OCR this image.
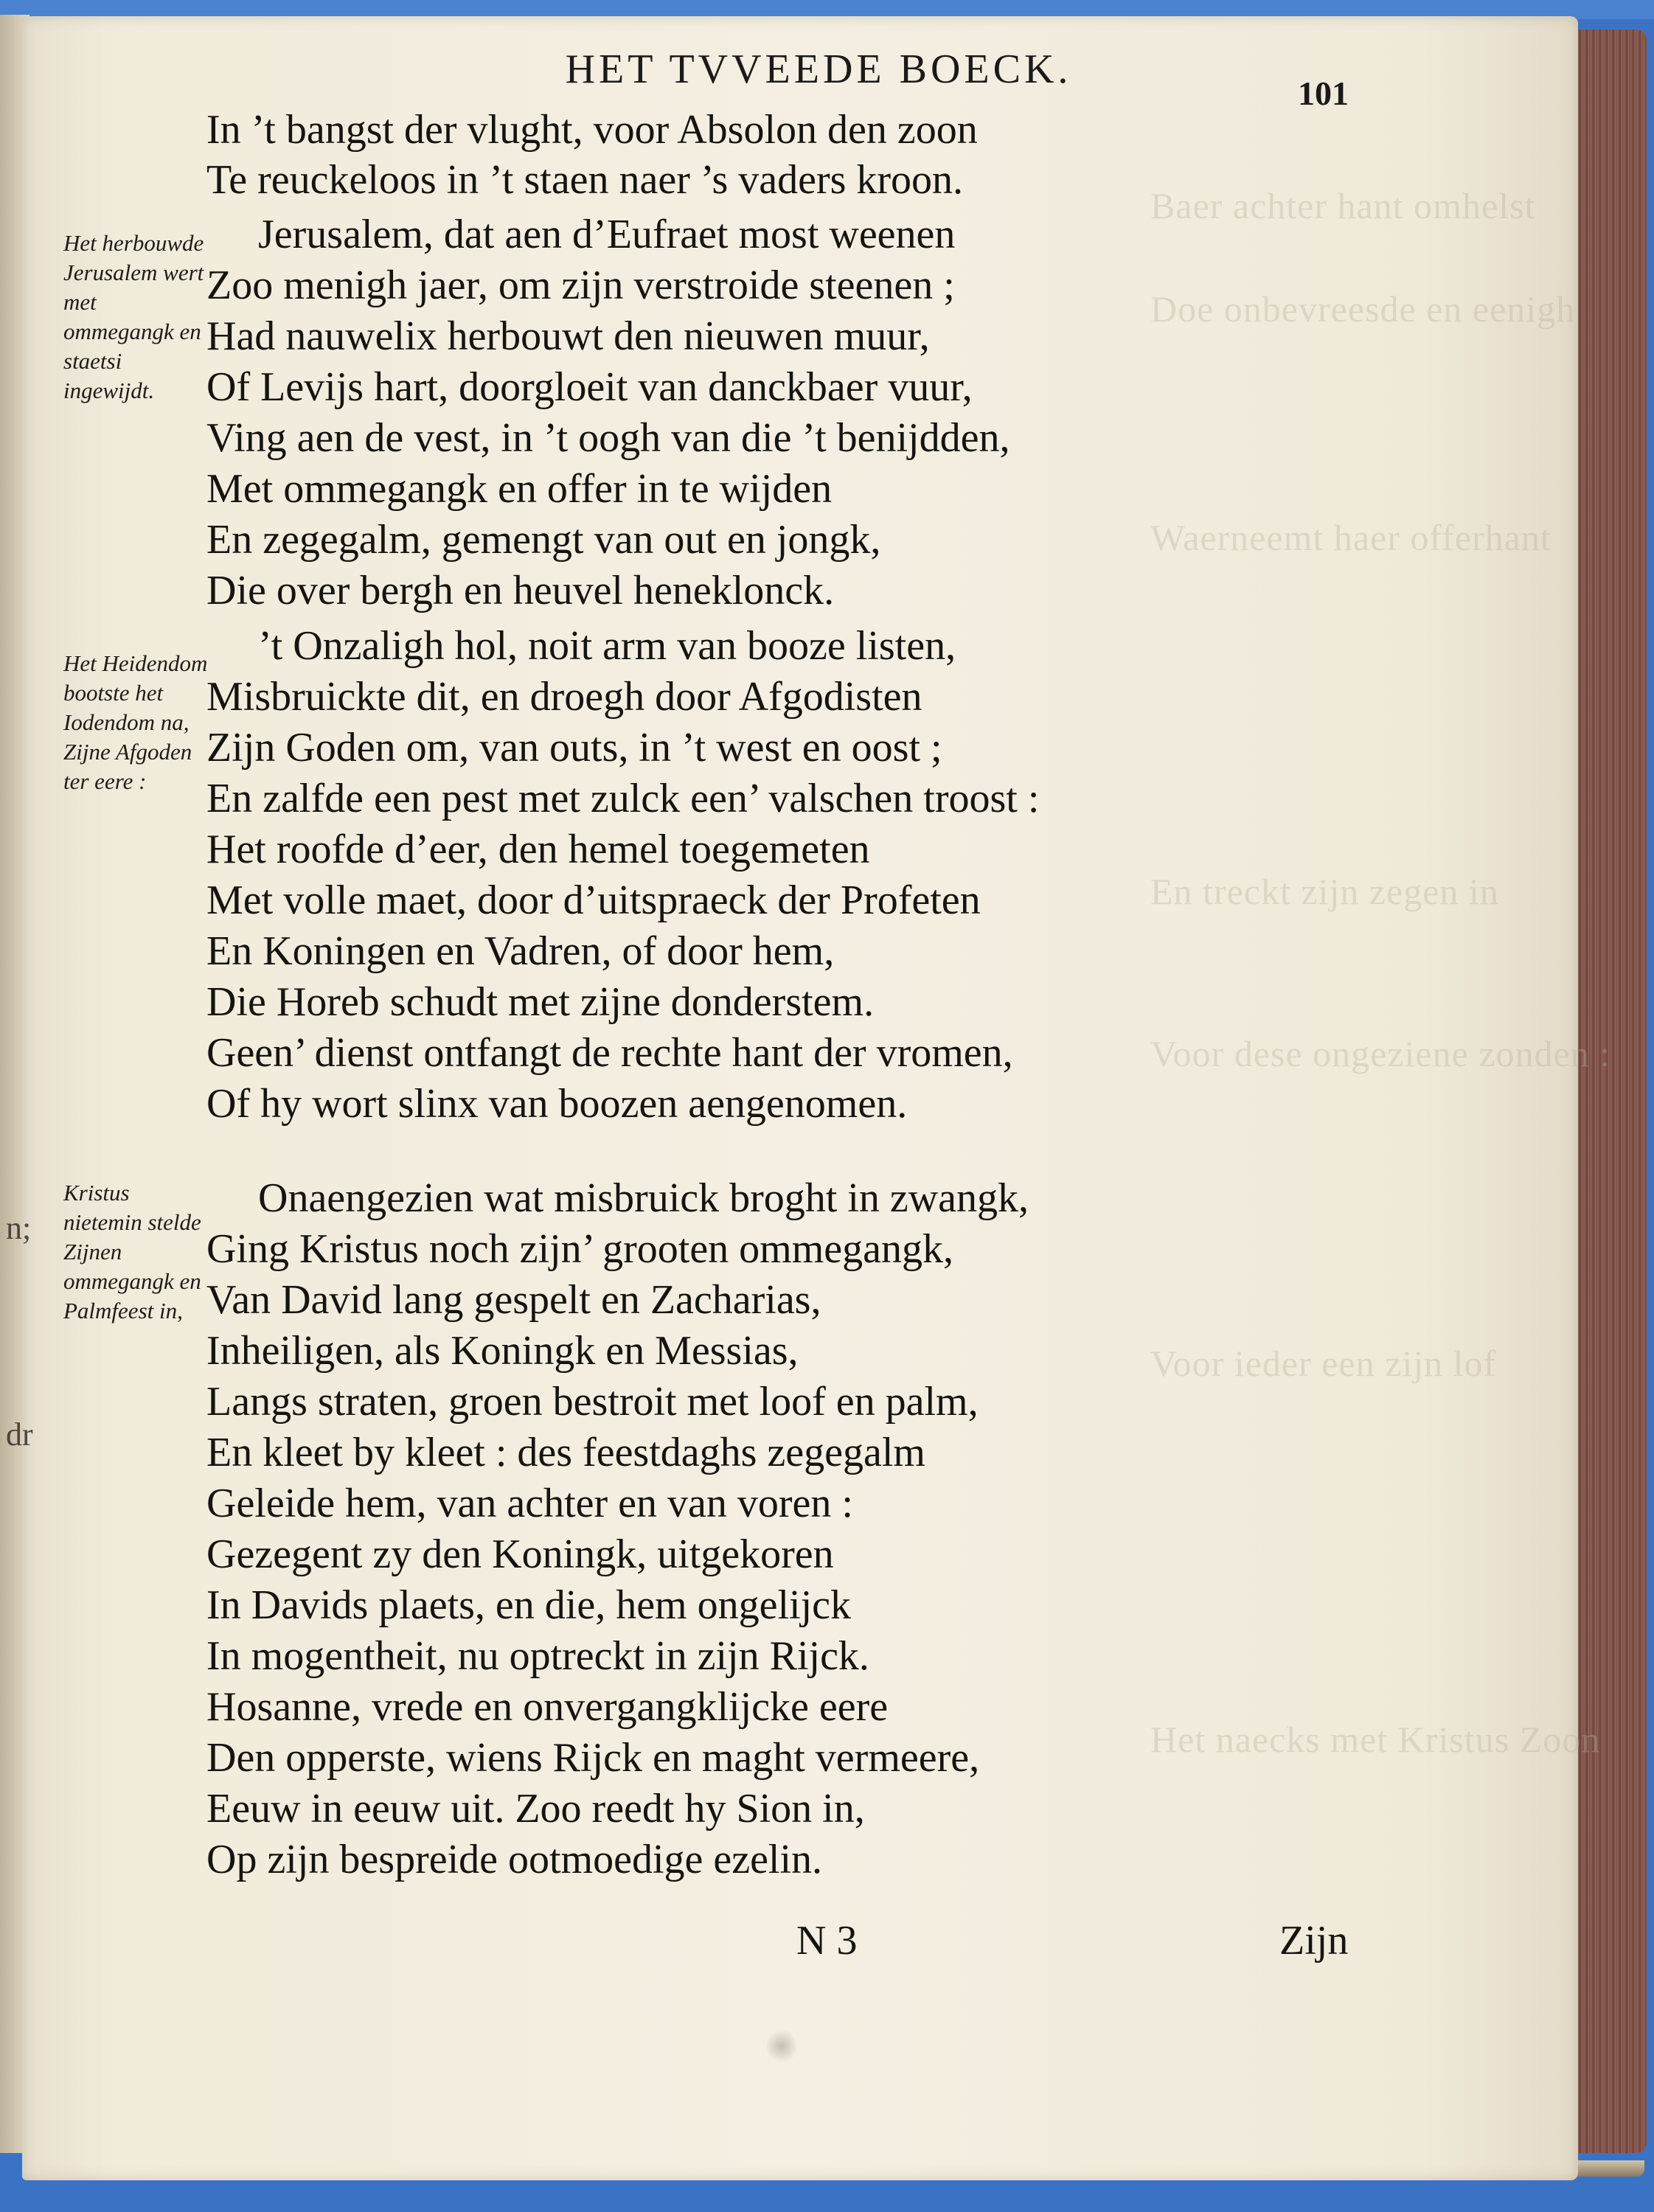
Baer achter hant omhelst
Doe onbevreesde en eenigh
Waerneemt haer offerhant
En treckt zijn zegen in
Voor dese ongeziene zonden :
Voor ieder een zijn lof
Het naecks met Kristus Zoon
n;
dr
HET TVVEEDE BOECK.
101
Het herbouwde Jerusalem wert met ommegangk en staetsi ingewijdt.
Het Heidendom bootste het Iodendom na, Zijne Afgoden ter eere :
Kristus nietemin stelde Zijnen ommegangk en Palmfeest in,
In ’t bangst der vlught, voor Absolon den zoon
Te reuckeloos in ’t staen naer ’s vaders kroon.
Jerusalem, dat aen d’Eufraet most weenen
Zoo menigh jaer, om zijn verstroide steenen ;
Had nauwelix herbouwt den nieuwen muur,
Of Levijs hart, doorgloeit van danckbaer vuur,
Ving aen de vest, in ’t oogh van die ’t benijdden,
Met ommegangk en offer in te wijden
En zegegalm, gemengt van out en jongk,
Die over bergh en heuvel heneklonck.
’t Onzaligh hol, noit arm van booze listen,
Misbruickte dit, en droegh door Afgodisten
Zijn Goden om, van outs, in ’t west en oost ;
En zalfde een pest met zulck een’ valschen troost :
Het roofde d’eer, den hemel toegemeten
Met volle maet, door d’uitspraeck der Profeten
En Koningen en Vadren, of door hem,
Die Horeb schudt met zijne donderstem.
Geen’ dienst ontfangt de rechte hant der vromen,
Of hy wort slinx van boozen aengenomen.
Onaengezien wat misbruick broght in zwangk,
Ging Kristus noch zijn’ grooten ommegangk,
Van David lang gespelt en Zacharias,
Inheiligen, als Koningk en Messias,
Langs straten, groen bestroit met loof en palm,
En kleet by kleet : des feestdaghs zegegalm
Geleide hem, van achter en van voren :
Gezegent zy den Koningk, uitgekoren
In Davids plaets, en die, hem ongelijck
In mogentheit, nu optreckt in zijn Rijck.
Hosanne, vrede en onvergangklijcke eere
Den opperste, wiens Rijck en maght vermeere,
Eeuw in eeuw uit. Zoo reedt hy Sion in,
Op zijn bespreide ootmoedige ezelin.
N 3	Zijn
